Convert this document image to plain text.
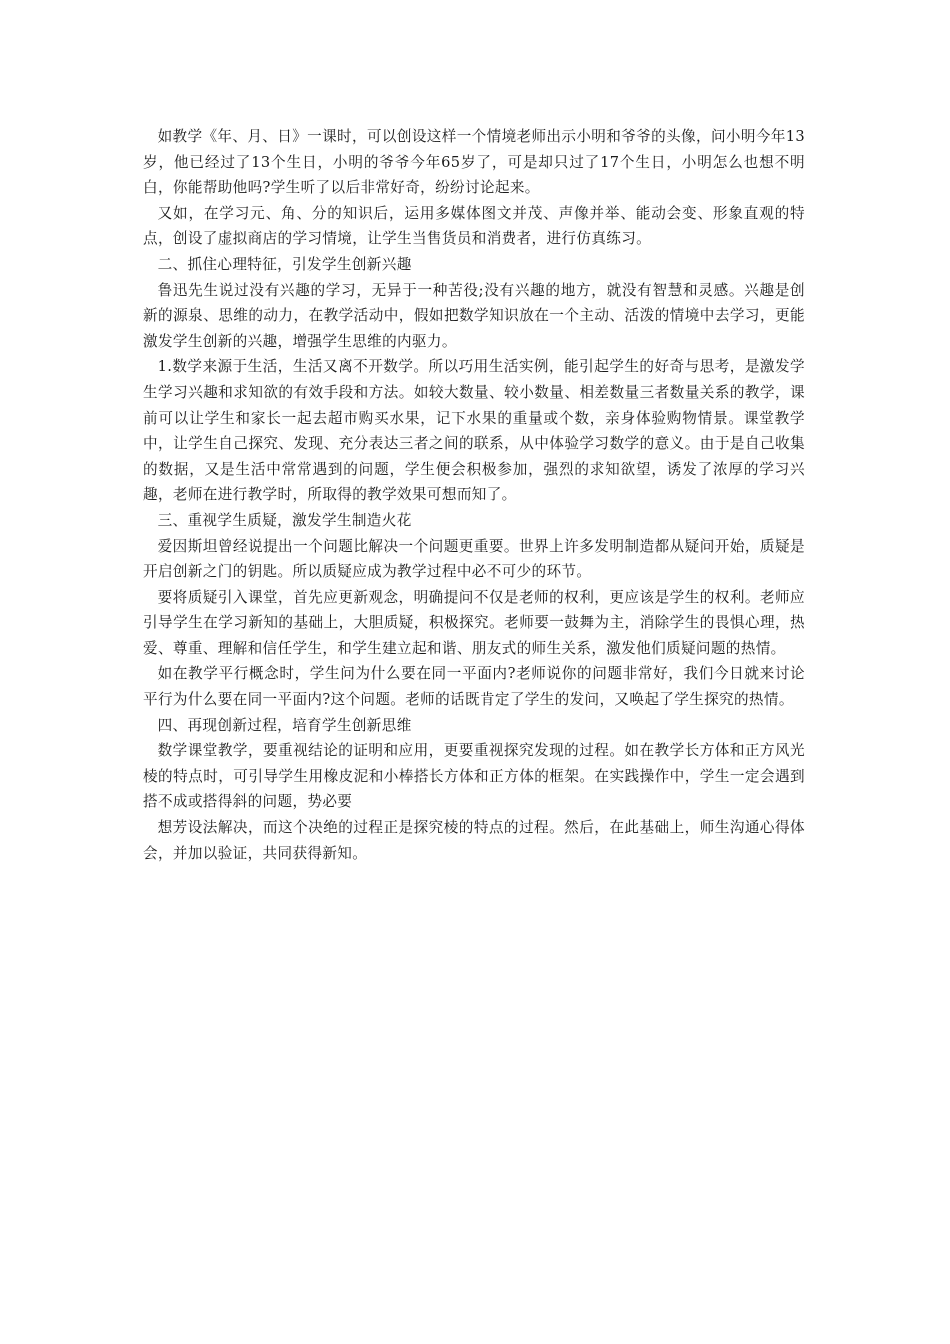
如教学《年、月、日》一课时，可以创设这样一个情境老师出示小明和爷爷的头像，问小明今年13岁，他已经过了13个生日，小明的爷爷今年65岁了，可是却只过了17个生日，小明怎么也想不明白，你能帮助他吗?学生听了以后非常好奇，纷纷讨论起来。

又如，在学习元、角、分的知识后，运用多媒体图文并茂、声像并举、能动会变、形象直观的特点，创设了虚拟商店的学习情境，让学生当售货员和消费者，进行仿真练习。

二、抓住心理特征，引发学生创新兴趣

鲁迅先生说过没有兴趣的学习，无异于一种苦役;没有兴趣的地方，就没有智慧和灵感。兴趣是创新的源泉、思维的动力，在教学活动中，假如把数学知识放在一个主动、活泼的情境中去学习，更能激发学生创新的兴趣，增强学生思维的内驱力。

1.数学来源于生活，生活又离不开数学。所以巧用生活实例，能引起学生的好奇与思考，是激发学生学习兴趣和求知欲的有效手段和方法。如较大数量、较小数量、相差数量三者数量关系的教学，课前可以让学生和家长一起去超市购买水果，记下水果的重量或个数，亲身体验购物情景。课堂教学中，让学生自己探究、发现、充分表达三者之间的联系，从中体验学习数学的意义。由于是自己收集的数据，又是生活中常常遇到的问题，学生便会积极参加，强烈的求知欲望，诱发了浓厚的学习兴趣，老师在进行教学时，所取得的教学效果可想而知了。

三、重视学生质疑，激发学生制造火花

爱因斯坦曾经说提出一个问题比解决一个问题更重要。世界上许多发明制造都从疑问开始，质疑是开启创新之门的钥匙。所以质疑应成为教学过程中必不可少的环节。

要将质疑引入课堂，首先应更新观念，明确提问不仅是老师的权利，更应该是学生的权利。老师应引导学生在学习新知的基础上，大胆质疑，积极探究。老师要一鼓舞为主，消除学生的畏惧心理，热爱、尊重、理解和信任学生，和学生建立起和谐、朋友式的师生关系，激发他们质疑问题的热情。

如在教学平行概念时，学生问为什么要在同一平面内?老师说你的问题非常好，我们今日就来讨论平行为什么要在同一平面内?这个问题。老师的话既肯定了学生的发问，又唤起了学生探究的热情。

四、再现创新过程，培育学生创新思维

数学课堂教学，要重视结论的证明和应用，更要重视探究发现的过程。如在教学长方体和正方风光棱的特点时，可引导学生用橡皮泥和小棒搭长方体和正方体的框架。在实践操作中，学生一定会遇到搭不成或搭得斜的问题，势必要

想芳设法解决，而这个决绝的过程正是探究棱的特点的过程。然后，在此基础上，师生沟通心得体会，并加以验证，共同获得新知。
